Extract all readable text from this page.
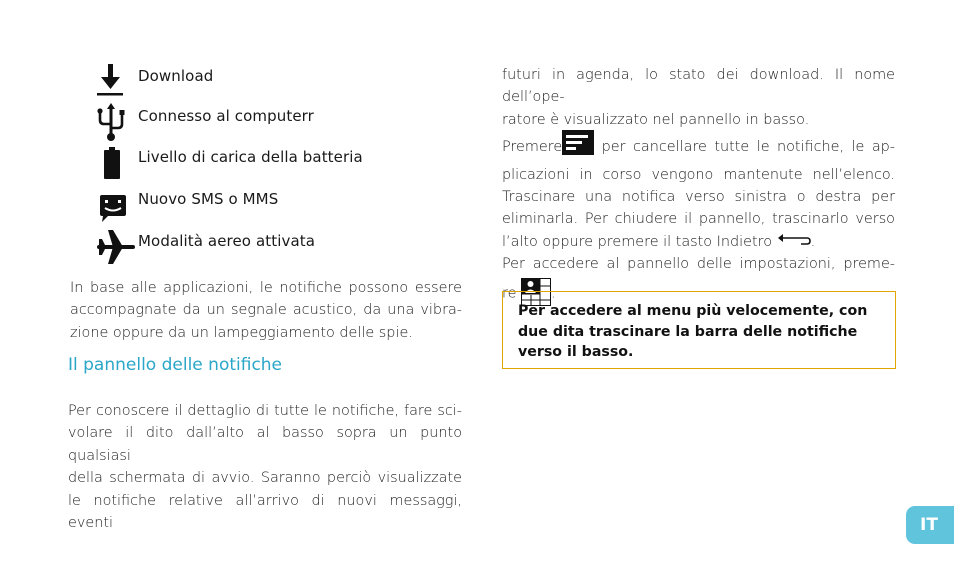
Download
Connesso al computerr
Livello di carica della batteria
Nuovo SMS o MMS
Modalità aereo attivata
In base alle applicazioni, le notifiche possono essere
accompagnate da un segnale acustico, da una vibra-
zione oppure da un lampeggiamento delle spie.
Il pannello delle notifiche
Per conoscere il dettaglio di tutte le notifiche, fare sci-
volare il dito dall’alto al basso sopra un punto qualsiasi
della schermata di avvio. Saranno perciò visualizzate
le notifiche relative all’arrivo di nuovi messaggi, eventi
futuri in agenda, lo stato dei download. Il nome dell’ope-
ratore è visualizzato nel pannello in basso.
Premere per cancellare tutte le notifiche, le ap-
plicazioni in corso vengono mantenute nell’elenco.
Trascinare una notifica verso sinistra o destra per
eliminarla. Per chiudere il pannello, trascinarlo verso
l’alto oppure premere il tasto Indietro .
Per accedere al pannello delle impostazioni, preme-
re .
Per accedere al menu più velocemente, con
due dita trascinare la barra delle notifiche
verso il basso.
IT
